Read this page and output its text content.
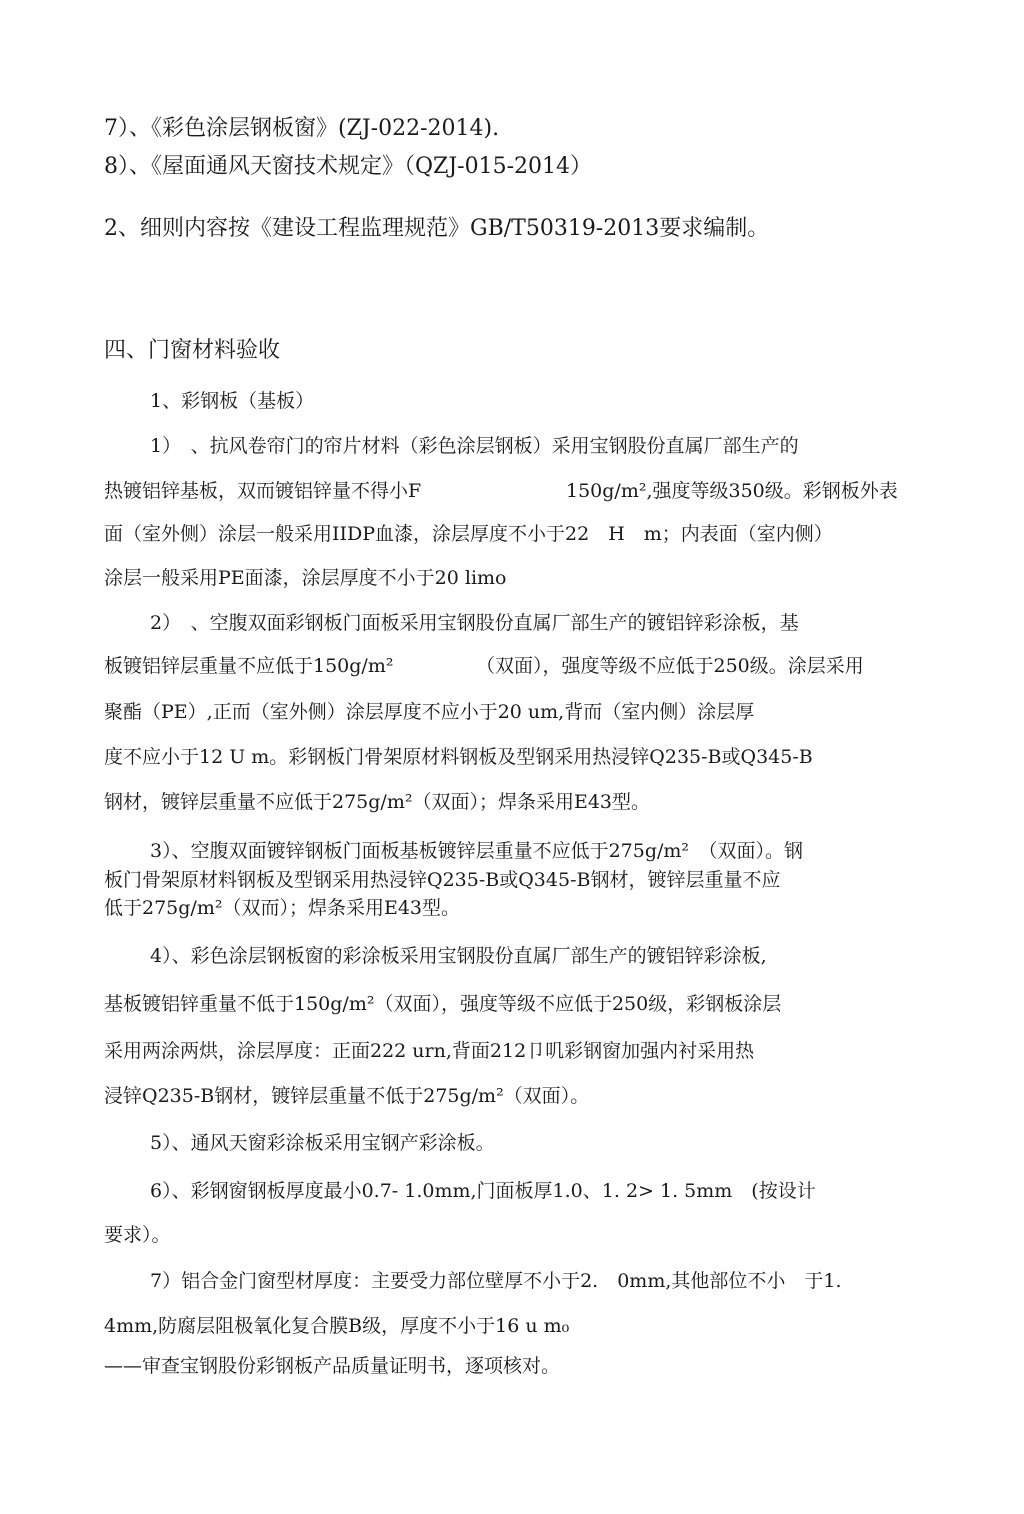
7）、《彩色涂层钢板窗》(ZJ-022-2014).
8）、《屋面通风天窗技术规定》（QZJ-015-2014）
2、细则内容按《建设工程监理规范》GB/T50319-2013要求编制。
四、门窗材料验收
1、彩钢板（基板）
1）　、抗风卷帘门的帘片材料（彩色涂层钢板）采用宝钢股份直属厂部生产的
热镀铝锌基板，双而镀铝锌量不得小F	150g/m²,强度等级350级。彩钢板外表
面（室外侧）涂层一般采用IIDP血漆，涂层厚度不小于22　H　m；内表面（室内侧）
涂层一般采用PE面漆，涂层厚度不小于20 limo
2）　、空腹双面彩钢板门面板采用宝钢股份直属厂部生产的镀铝锌彩涂板，基
板镀铝锌层重量不应低于150g/m²	（双面），强度等级不应低于250级。涂层采用
聚酯（PE）,正而（室外侧）涂层厚度不应小于20 um,背而（室内侧）涂层厚
度不应小于12 U m。彩钢板门骨架原材料钢板及型钢采用热浸锌Q235-B或Q345-B
钢材，镀锌层重量不应低于275g/m²（双面）；焊条采用E43型。
3）、空腹双面镀锌钢板门面板基板镀锌层重量不应低于275g/m²　（双面）。钢
板门骨架原材料钢板及型钢采用热浸锌Q235-B或Q345-B钢材，镀锌层重量不应
低于275g/m²（双而）；焊条采用E43型。
4）、彩色涂层钢板窗的彩涂板采用宝钢股份直属厂部生产的镀铝锌彩涂板,
基板镀铝锌重量不低于150g/m²（双面），强度等级不应低于250级，彩钢板涂层
采用两涂两烘，涂层厚度：正面222 urn,背面212卩叽彩钢窗加强内衬采用热
浸锌Q235-B钢材，镀锌层重量不低于275g/m²（双面）。
5）、通风天窗彩涂板采用宝钢产彩涂板。
6）、彩钢窗钢板厚度最小0.7- 1.0mm,门面板厚1.0、1. 2> 1. 5mm　(按设计
要求）。
7）铝合金门窗型材厚度：主要受力部位壁厚不小于2.　0mm,其他部位不小　于1.
4mm,防腐层阻极氧化复合膜B级，厚度不小于16 u m₀
——审查宝钢股份彩钢板产品质量证明书，逐项核对。
